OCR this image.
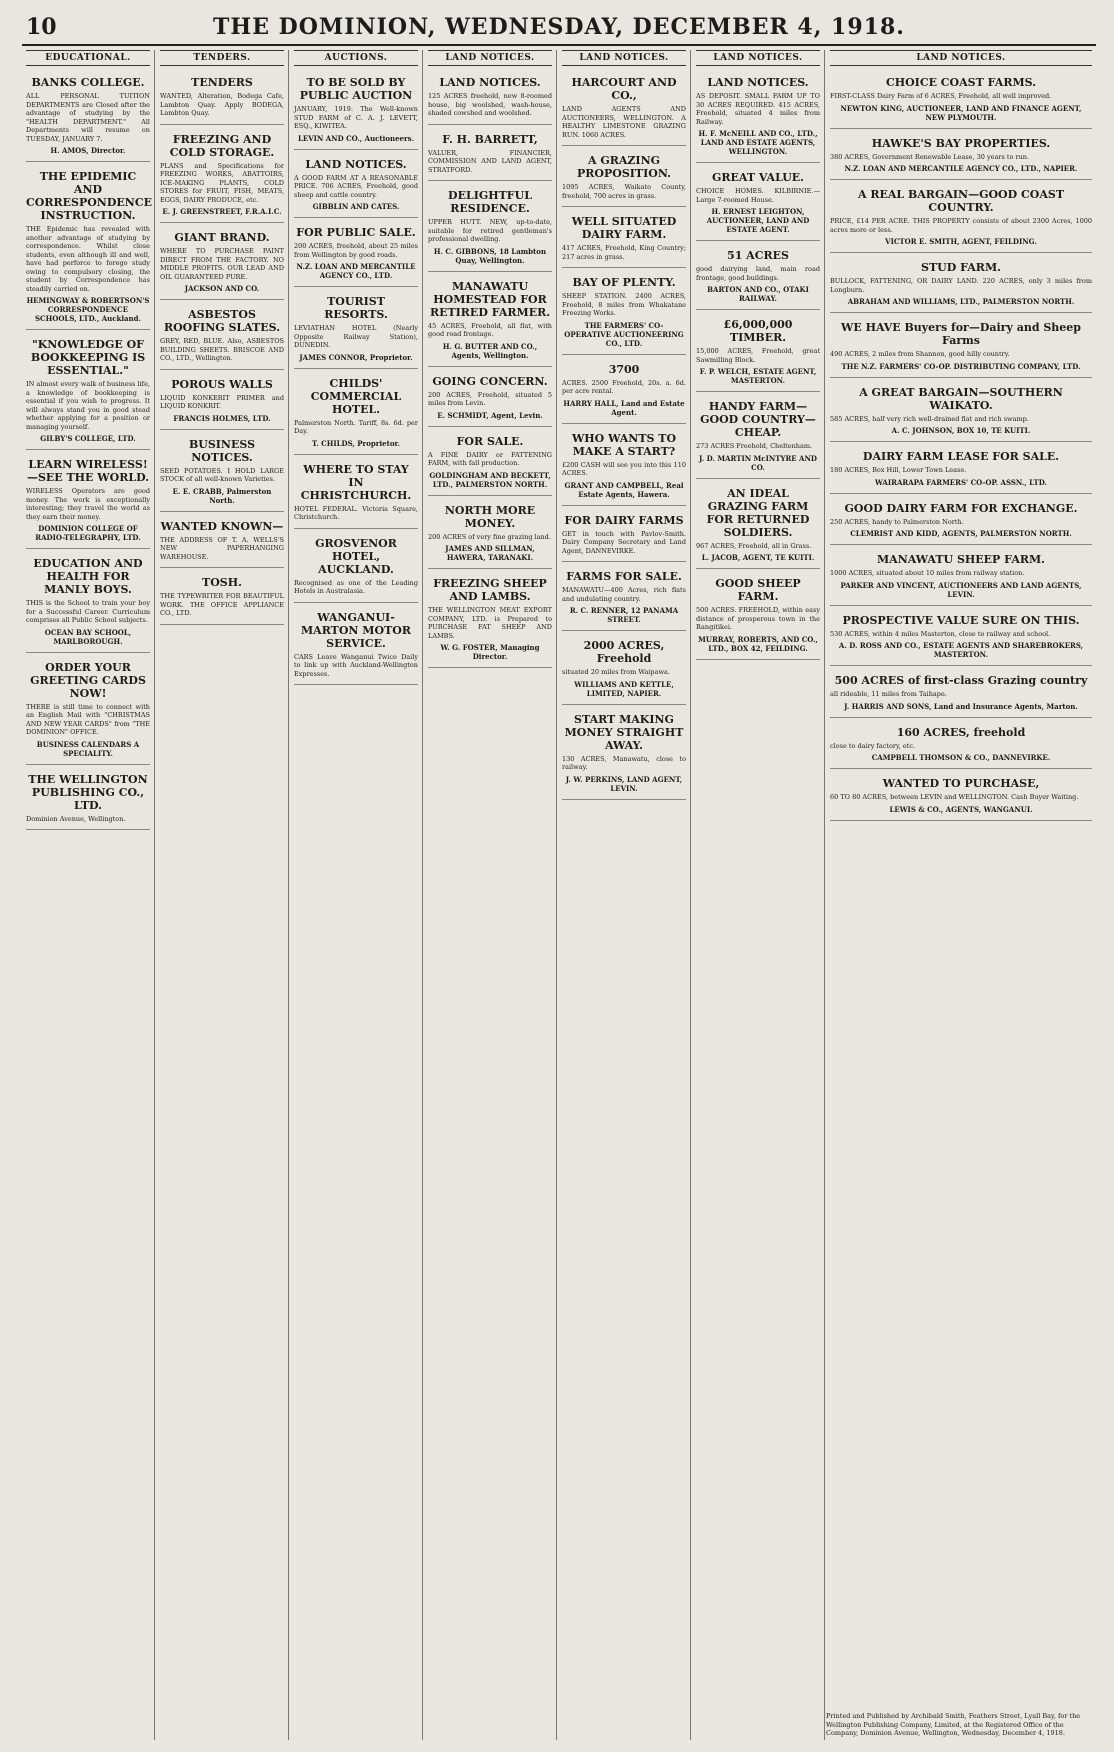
10	THE DOMINION, WEDNESDAY, DECEMBER 4, 1918.
EDUCATIONAL.
BANKS COLLEGE.

ALL PERSONAL TUITION DEPARTMENTS are Closed after the advantage of studying by the "HEALTH DEPARTMENT." All Departments will resume on TUESDAY, JANUARY 7.

H. AMOS, Director.
THE EPIDEMIC AND CORRESPONDENCE INSTRUCTION.

THE Epidemic has revealed with another advantage of studying by correspondence. Whilst close students, even although ill and well, have had perforce to forego study owing to compulsory closing, the student by Correspondence has steadily carried on.

HEMINGWAY & ROBERTSON'S CORRESPONDENCE SCHOOLS, LTD., Auckland.
"KNOWLEDGE OF BOOKKEEPING IS ESSENTIAL."

IN almost every walk of business life, a knowledge of bookkeeping is essential if you wish to progress. It will always stand you in good stead whether applying for a position or managing yourself.

GILBY'S COLLEGE, LTD.
LEARN WIRELESS! —SEE THE WORLD.

WIRELESS Operators are good money. The work is exceptionally interesting; they travel the world as they earn their money.

DOMINION COLLEGE OF RADIO-TELEGRAPHY, LTD.
EDUCATION AND HEALTH FOR MANLY BOYS.

THIS is the School to train your boy for a Successful Career. Curriculum comprises all Public School subjects.

OCEAN BAY SCHOOL, MARLBOROUGH.
ORDER YOUR GREETING CARDS NOW!

THERE is still time to connect with an English Mail with "CHRISTMAS AND NEW YEAR CARDS" from "THE DOMINION" OFFICE.

BUSINESS CALENDARS A SPECIALITY.
THE WELLINGTON PUBLISHING CO., LTD.

Dominion Avenue, Wellington.

TENDERS.
TENDERS

WANTED, Alteration, Bodega Cafe, Lambton Quay. Apply BODEGA, Lambton Quay.

FREEZING AND COLD STORAGE.

PLANS and Specifications for FREEZING WORKS, ABATTOIRS, ICE-MAKING PLANTS, COLD STORES for FRUIT, FISH, MEATS, EGGS, DAIRY PRODUCE, etc.

E. J. GREENSTREET, F.R.A.I.C.
GIANT BRAND.

WHERE TO PURCHASE PAINT DIRECT FROM THE FACTORY. NO MIDDLE PROFITS. OUR LEAD AND OIL GUARANTEED PURE.

JACKSON AND CO.
ASBESTOS ROOFING SLATES.

GREY, RED, BLUE. Also, ASBESTOS BUILDING SHEETS. BRISCOE AND CO., LTD., Wellington.

POROUS WALLS

LIQUID KONKERIT PRIMER and LIQUID KONKRIT.

FRANCIS HOLMES, LTD.
BUSINESS NOTICES.

SEED POTATOES. I HOLD LARGE STOCK of all well-known Varieties.

E. E. CRABB, Palmerston North.
WANTED KNOWN—

THE ADDRESS OF T. A. WELLS'S NEW PAPERHANGING WAREHOUSE.

TOSH.

THE TYPEWRITER FOR BEAUTIFUL WORK. THE OFFICE APPLIANCE CO., LTD.

AUCTIONS.
TO BE SOLD BY PUBLIC AUCTION

JANUARY, 1919. The Well-known STUD FARM of C. A. J. LEVETT, ESQ., KIWITEA.

LEVIN AND CO., Auctioneers.
LAND NOTICES.

A GOOD FARM AT A REASONABLE PRICE. 706 ACRES, Freehold, good sheep and cattle country.

GIBBLIN AND CATES.
FOR PUBLIC SALE.

200 ACRES, freehold, about 25 miles from Wellington by good roads.

N.Z. LOAN AND MERCANTILE AGENCY CO., LTD.
TOURIST RESORTS.

LEVIATHAN HOTEL (Nearly Opposite Railway Station), DUNEDIN.

JAMES CONNOR, Proprietor.
CHILDS' COMMERCIAL HOTEL.

Palmerston North. Tariff, 8s. 6d. per Day.

T. CHILDS, Proprietor.
WHERE TO STAY IN CHRISTCHURCH.

HOTEL FEDERAL. Victoria Square, Christchurch.

GROSVENOR HOTEL, AUCKLAND.

Recognised as one of the Leading Hotels in Australasia.

WANGANUI-MARTON MOTOR SERVICE.

CARS Leave Wanganui Twice Daily to link up with Auckland-Wellington Expresses.

LAND NOTICES.
LAND NOTICES.

125 ACRES freehold, new 8-roomed house, big woolshed, wash-house, shaded cowshed and woolshed.

F. H. BARRETT,

VALUER, FINANCIER, COMMISSION AND LAND AGENT, STRATFORD.

DELIGHTFUL RESIDENCE.

UPPER HUTT. NEW, up-to-date, suitable for retired gentleman's professional dwelling.

H. C. GIBBONS, 18 Lambton Quay, Wellington.
MANAWATU HOMESTEAD FOR RETIRED FARMER.

45 ACRES, Freehold, all flat, with good road frontage.

H. G. BUTTER AND CO., Agents, Wellington.
GOING CONCERN.

200 ACRES, Freehold, situated 5 miles from Levin.

E. SCHMIDT, Agent, Levin.
FOR SALE.

A FINE DAIRY or FATTENING FARM, with fall production.

GOLDINGHAM AND BECKETT, LTD., PALMERSTON NORTH.
NORTH MORE MONEY.

200 ACRES of very fine grazing land.

JAMES AND SILLMAN, HAWERA, TARANAKI.
FREEZING SHEEP AND LAMBS.

THE WELLINGTON MEAT EXPORT COMPANY, LTD. is Prepared to PURCHASE FAT SHEEP AND LAMBS.

W. G. FOSTER, Managing Director.
LAND NOTICES.
HARCOURT AND CO.,

LAND AGENTS AND AUCTIONEERS, WELLINGTON. A HEALTHY LIMESTONE GRAZING RUN. 1060 ACRES.

A GRAZING PROPOSITION.

1095 ACRES, Waikato County, freehold, 700 acres in grass.

WELL SITUATED DAIRY FARM.

417 ACRES, Freehold, King Country; 217 acres in grass.

BAY OF PLENTY.

SHEEP STATION. 2400 ACRES, Freehold, 8 miles from Whakatane Freezing Works.

THE FARMERS' CO-OPERATIVE AUCTIONEERING CO., LTD.
3700

ACRES. 2500 Freehold, 20s. a. 6d. per acre rental.

HARRY HALL, Land and Estate Agent.
WHO WANTS TO MAKE A START?

£200 CASH will see you into this 110 ACRES.

GRANT AND CAMPBELL, Real Estate Agents, Hawera.
FOR DAIRY FARMS

GET in touch with Pavlov-Smith. Dairy Company Secretary and Land Agent, DANNEVIRKE.

FARMS FOR SALE.

MANAWATU—400 Acres, rich flats and undulating country.

R. C. RENNER, 12 PANAMA STREET.
2000 ACRES, Freehold

situated 20 miles from Waipawa.

WILLIAMS AND KETTLE, LIMITED, NAPIER.
START MAKING MONEY STRAIGHT AWAY.

130 ACRES, Manawatu, close to railway.

J. W. PERKINS, LAND AGENT, LEVIN.
LAND NOTICES.
LAND NOTICES.

AS DEPOSIT. SMALL FARM UP TO 30 ACRES REQUIRED. 415 ACRES, Freehold, situated 4 miles from Railway.

H. F. McNEILL AND CO., LTD., LAND AND ESTATE AGENTS, WELLINGTON.
GREAT VALUE.

CHOICE HOMES. KILBIRNIE.—Large 7-roomed House.

H. ERNEST LEIGHTON, AUCTIONEER, LAND AND ESTATE AGENT.
51 ACRES

good dairying land, main road frontage, good buildings.

BARTON AND CO., OTAKI RAILWAY.
£6,000,000 TIMBER.

15,000 ACRES, Freehold, great Sawmilling Block.

F. P. WELCH, ESTATE AGENT, MASTERTON.
HANDY FARM—GOOD COUNTRY—CHEAP.

273 ACRES Freehold, Cheltenham.

J. D. MARTIN McINTYRE AND CO.
AN IDEAL GRAZING FARM FOR RETURNED SOLDIERS.

967 ACRES, Freehold, all in Grass.

L. JACOB, AGENT, TE KUITI.
GOOD SHEEP FARM.

500 ACRES. FREEHOLD, within easy distance of prosperous town in the Rangitikei.

MURRAY, ROBERTS, AND CO., LTD., BOX 42, FEILDING.
LAND NOTICES.
CHOICE COAST FARMS.

FIRST-CLASS Dairy Farm of 6 ACRES, Freehold, all well improved.

NEWTON KING, AUCTIONEER, LAND AND FINANCE AGENT, NEW PLYMOUTH.
HAWKE'S BAY PROPERTIES.

380 ACRES, Government Renewable Lease, 30 years to run.

N.Z. LOAN AND MERCANTILE AGENCY CO., LTD., NAPIER.
A REAL BARGAIN—GOOD COAST COUNTRY.

PRICE, £14 PER ACRE. THIS PROPERTY consists of about 2300 Acres, 1000 acres more or less.

VICTOR E. SMITH, AGENT, FEILDING.
STUD FARM.

BULLOCK, FATTENING, OR DAIRY LAND. 220 ACRES, only 3 miles from Longburn.

ABRAHAM AND WILLIAMS, LTD., PALMERSTON NORTH.
WE HAVE Buyers for—Dairy and Sheep Farms

490 ACRES, 2 miles from Shannon, good hilly country.

THE N.Z. FARMERS' CO-OP. DISTRIBUTING COMPANY, LTD.
A GREAT BARGAIN—SOUTHERN WAIKATO.

585 ACRES, half very rich well-drained flat and rich swamp.

A. C. JOHNSON, BOX 10, TE KUITI.
DAIRY FARM LEASE FOR SALE.

180 ACRES, Box Hill, Lower Town Lease.

WAIRARAPA FARMERS' CO-OP. ASSN., LTD.
GOOD DAIRY FARM FOR EXCHANGE.

250 ACRES, handy to Palmerston North.

CLEMRIST AND KIDD, AGENTS, PALMERSTON NORTH.
MANAWATU SHEEP FARM.

1000 ACRES, situated about 10 miles from railway station.

PARKER AND VINCENT, AUCTIONEERS AND LAND AGENTS, LEVIN.
PROSPECTIVE VALUE SURE ON THIS.

530 ACRES, within 4 miles Masterton, close to railway and school.

A. D. ROSS AND CO., ESTATE AGENTS AND SHAREBROKERS, MASTERTON.
500 ACRES of first-class Grazing country

all rideable, 11 miles from Taihape.

J. HARRIS AND SONS, Land and Insurance Agents, Marton.
160 ACRES, freehold

close to dairy factory, etc.

CAMPBELL THOMSON & CO., DANNEVIRKE.
WANTED TO PURCHASE,

60 TO 80 ACRES, between LEVIN and WELLINGTON. Cash Buyer Waiting.

LEWIS & CO., AGENTS, WANGANUI.
Printed and Published by Archibald Smith, Feathers Street, Lyall Bay, for the Wellington Publishing Company, Limited, at the Registered Office of the Company, Dominion Avenue, Wellington, Wednesday, December 4, 1918.
